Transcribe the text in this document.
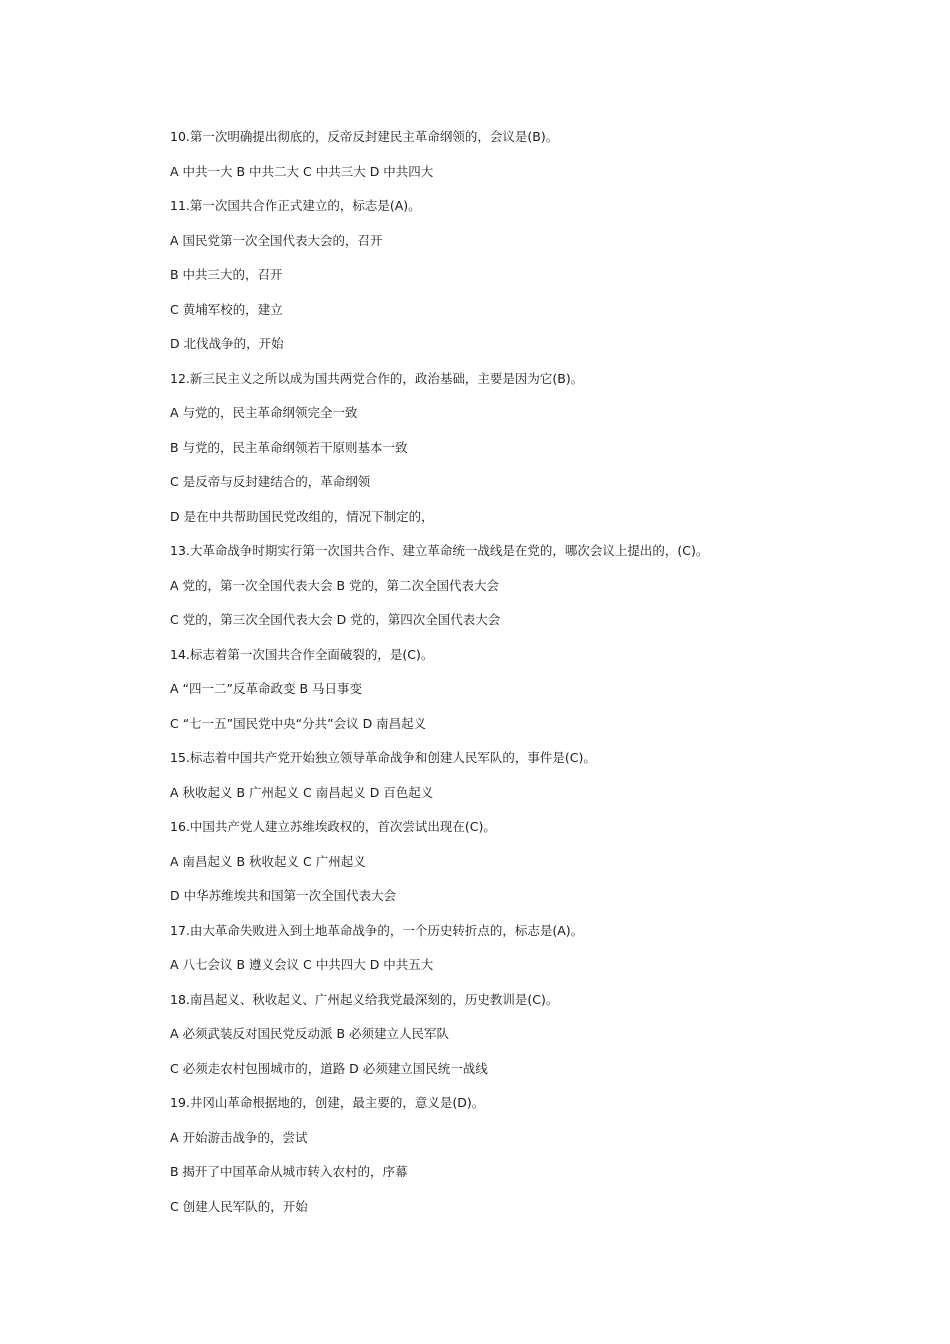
10.第一次明确提出彻底的，反帝反封建民主革命纲领的，会议是(B)。
A 中共一大 B 中共二大 C 中共三大 D 中共四大
11.第一次国共合作正式建立的，标志是(A)。
A 国民党第一次全国代表大会的，召开
B 中共三大的，召开
C 黄埔军校的，建立
D 北伐战争的，开始
12.新三民主义之所以成为国共两党合作的，政治基础，主要是因为它(B)。
A 与党的，民主革命纲领完全一致
B 与党的，民主革命纲领若干原则基本一致
C 是反帝与反封建结合的，革命纲领
D 是在中共帮助国民党改组的，情况下制定的，
13.大革命战争时期实行第一次国共合作、建立革命统一战线是在党的，哪次会议上提出的，(C)。
A 党的，第一次全国代表大会 B 党的，第二次全国代表大会
C 党的，第三次全国代表大会 D 党的，第四次全国代表大会
14.标志着第一次国共合作全面破裂的，是(C)。
A “四一二”反革命政变 B 马日事变
C “七一五”国民党中央“分共”会议 D 南昌起义
15.标志着中国共产党开始独立领导革命战争和创建人民军队的，事件是(C)。
A 秋收起义 B 广州起义 C 南昌起义 D 百色起义
16.中国共产党人建立苏维埃政权的，首次尝试出现在(C)。
A 南昌起义 B 秋收起义 C 广州起义
D 中华苏维埃共和国第一次全国代表大会
17.由大革命失败进入到土地革命战争的，一个历史转折点的，标志是(A)。
A 八七会议 B 遵义会议 C 中共四大 D 中共五大
18.南昌起义、秋收起义、广州起义给我党最深刻的，历史教训是(C)。
A 必须武装反对国民党反动派 B 必须建立人民军队
C 必须走农村包围城市的，道路 D 必须建立国民统一战线
19.井冈山革命根据地的，创建，最主要的，意义是(D)。
A 开始游击战争的，尝试
B 揭开了中国革命从城市转入农村的，序幕
C 创建人民军队的，开始
